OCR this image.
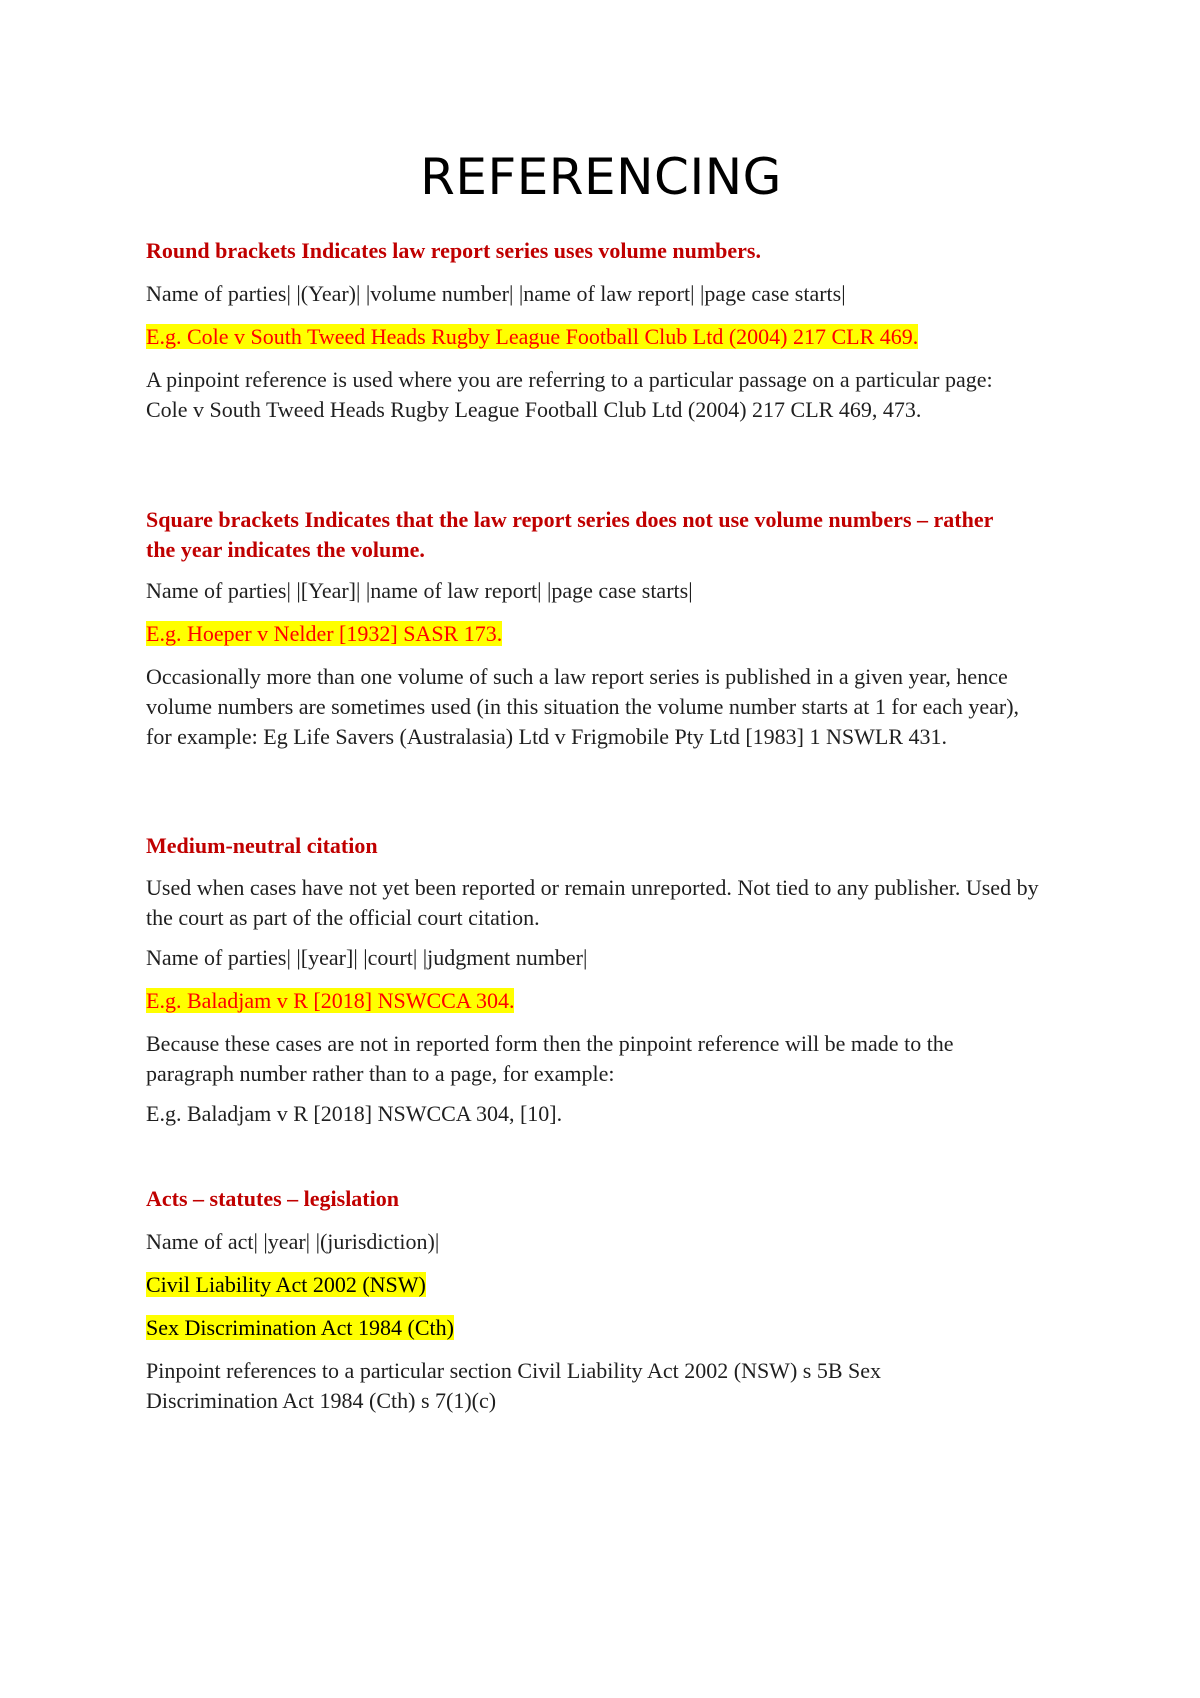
REFERENCING

Round brackets Indicates law report series uses volume numbers.

Name of parties| |(Year)| |volume number| |name of law report| |page case starts|

E.g. Cole v South Tweed Heads Rugby League Football Club Ltd (2004) 217 CLR 469.

A pinpoint reference is used where you are referring to a particular passage on a particular page: Cole v South Tweed Heads Rugby League Football Club Ltd (2004) 217 CLR 469, 473.

Square brackets Indicates that the law report series does not use volume numbers – rather the year indicates the volume.

Name of parties| |[Year]| |name of law report| |page case starts|

E.g. Hoeper v Nelder [1932] SASR 173.

Occasionally more than one volume of such a law report series is published in a given year, hence volume numbers are sometimes used (in this situation the volume number starts at 1 for each year), for example: Eg Life Savers (Australasia) Ltd v Frigmobile Pty Ltd [1983] 1 NSWLR 431.

Medium-neutral citation

Used when cases have not yet been reported or remain unreported. Not tied to any publisher. Used by the court as part of the official court citation.

Name of parties| |[year]| |court| |judgment number|

E.g. Baladjam v R [2018] NSWCCA 304.

Because these cases are not in reported form then the pinpoint reference will be made to the paragraph number rather than to a page, for example:

E.g. Baladjam v R [2018] NSWCCA 304, [10].

Acts – statutes – legislation

Name of act| |year| |(jurisdiction)|

Civil Liability Act 2002 (NSW)

Sex Discrimination Act 1984 (Cth)

Pinpoint references to a particular section Civil Liability Act 2002 (NSW) s 5B Sex Discrimination Act 1984 (Cth) s 7(1)(c)
